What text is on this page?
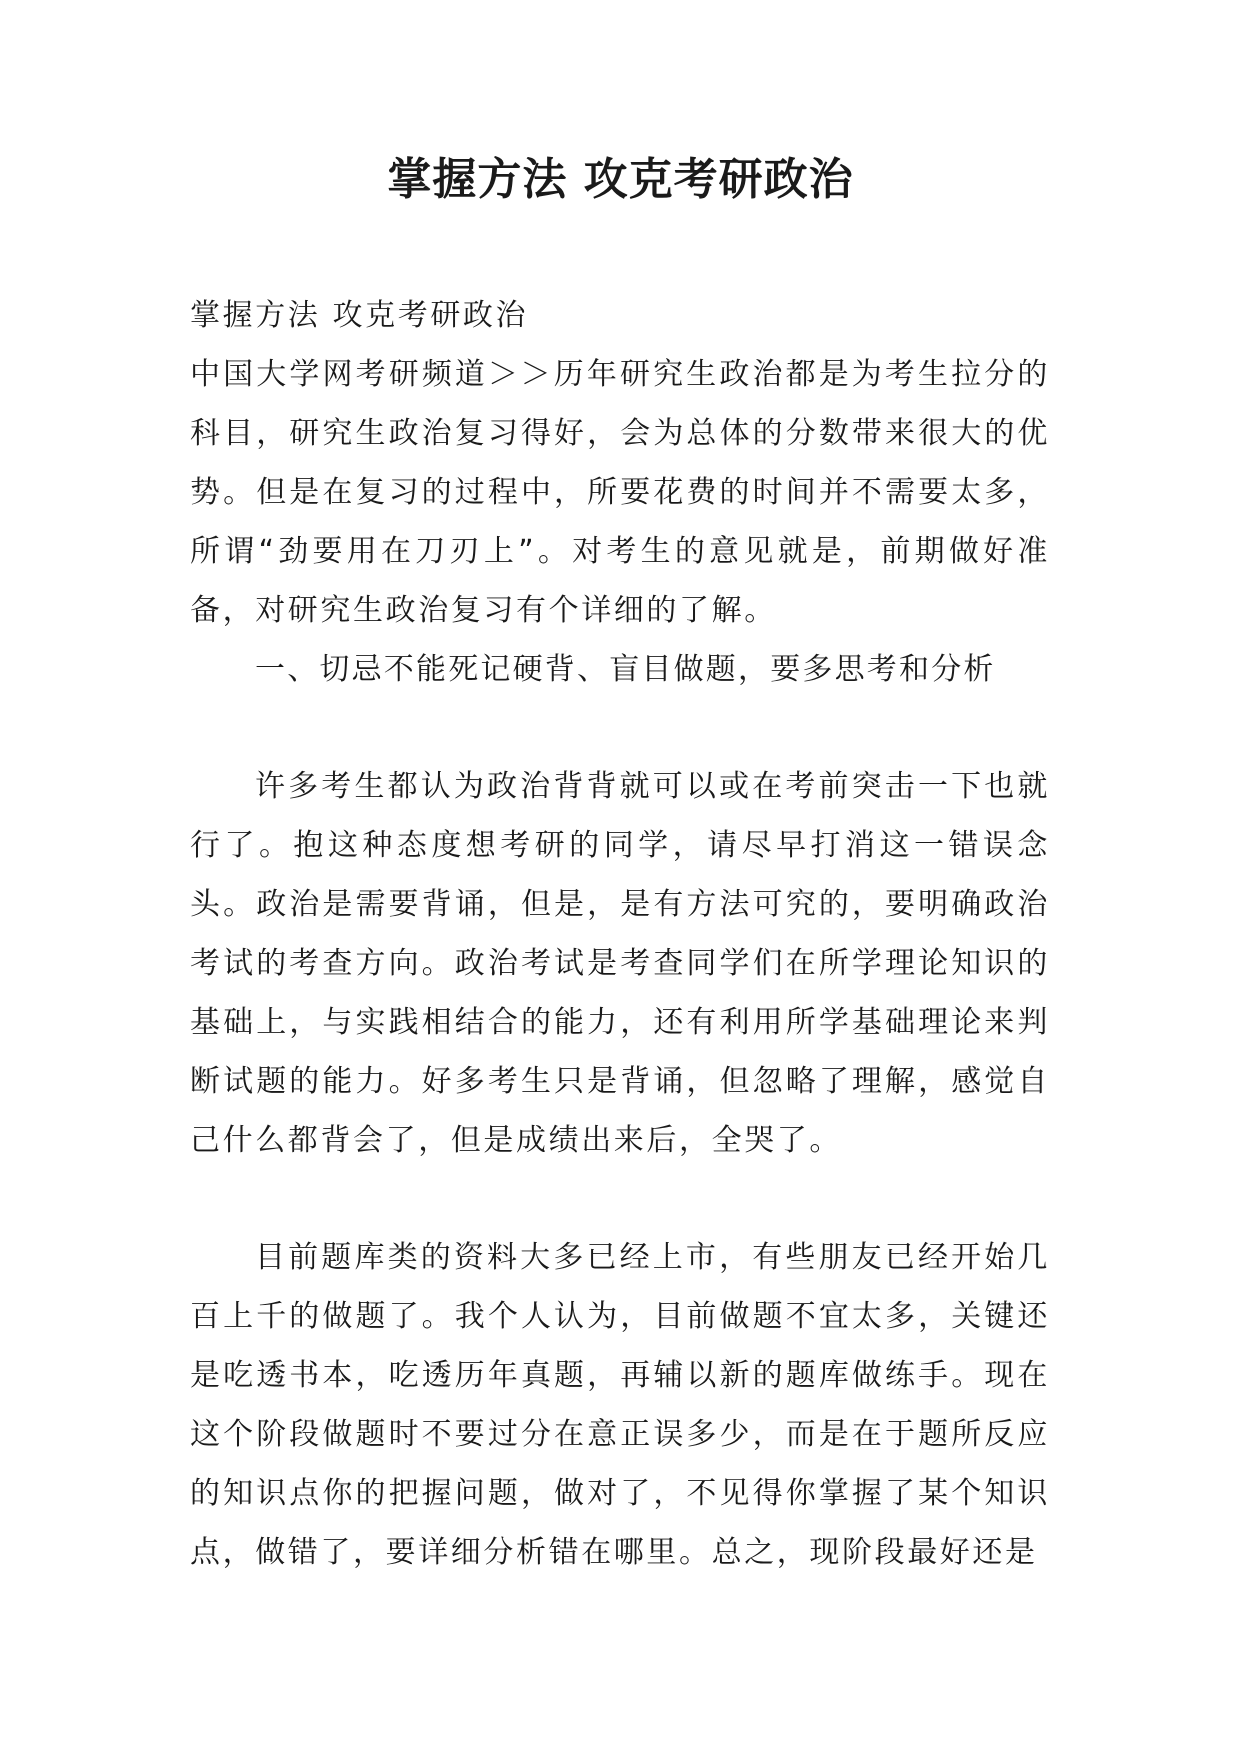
掌握方法 攻克考研政治

掌握方法 攻克考研政治

中国大学网考研频道＞＞历年研究生政治都是为考生拉分的科目，研究生政治复习得好，会为总体的分数带来很大的优势。但是在复习的过程中，所要花费的时间并不需要太多，所谓“劲要用在刀刃上”。对考生的意见就是，前期做好准备，对研究生政治复习有个详细的了解。

一、切忌不能死记硬背、盲目做题，要多思考和分析

许多考生都认为政治背背就可以或在考前突击一下也就行了。抱这种态度想考研的同学，请尽早打消这一错误念头。政治是需要背诵，但是，是有方法可究的，要明确政治考试的考查方向。政治考试是考查同学们在所学理论知识的基础上，与实践相结合的能力，还有利用所学基础理论来判断试题的能力。好多考生只是背诵，但忽略了理解，感觉自己什么都背会了，但是成绩出来后，全哭了。

目前题库类的资料大多已经上市，有些朋友已经开始几百上千的做题了。我个人认为，目前做题不宜太多，关键还是吃透书本，吃透历年真题，再辅以新的题库做练手。现在这个阶段做题时不要过分在意正误多少，而是在于题所反应的知识点你的把握问题，做对了，不见得你掌握了某个知识点，做错了，要详细分析错在哪里。总之，现阶段最好还是
